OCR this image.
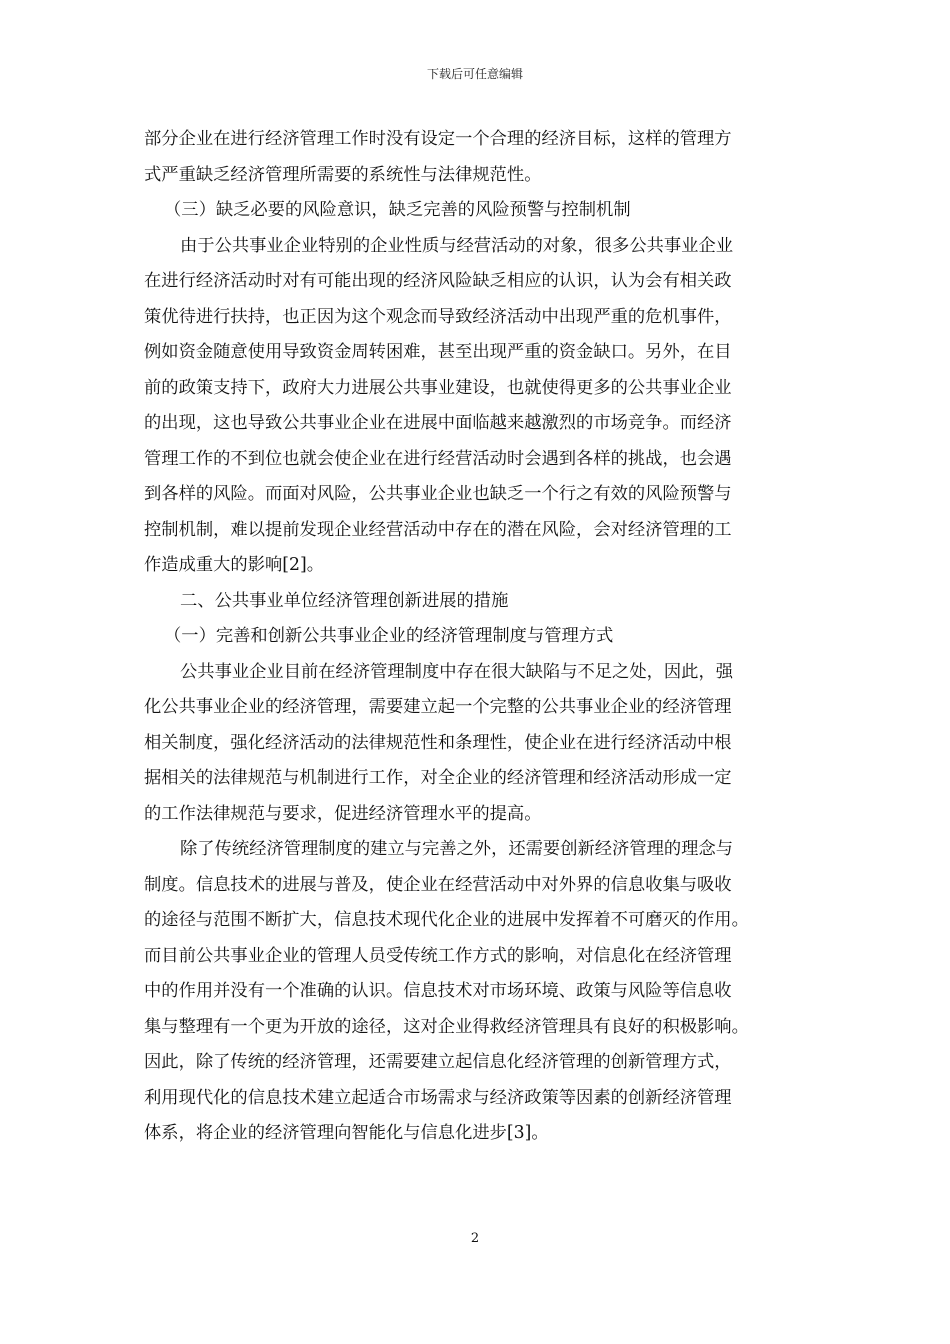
下载后可任意编辑
部分企业在进行经济管理工作时没有设定一个合理的经济目标，这样的管理方
式严重缺乏经济管理所需要的系统性与法律规范性。
（三）缺乏必要的风险意识，缺乏完善的风险预警与控制机制
由于公共事业企业特别的企业性质与经营活动的对象，很多公共事业企业
在进行经济活动时对有可能出现的经济风险缺乏相应的认识，认为会有相关政
策优待进行扶持，也正因为这个观念而导致经济活动中出现严重的危机事件，
例如资金随意使用导致资金周转困难，甚至出现严重的资金缺口。另外，在目
前的政策支持下，政府大力进展公共事业建设，也就使得更多的公共事业企业
的出现，这也导致公共事业企业在进展中面临越来越激烈的市场竞争。而经济
管理工作的不到位也就会使企业在进行经营活动时会遇到各样的挑战，也会遇
到各样的风险。而面对风险，公共事业企业也缺乏一个行之有效的风险预警与
控制机制，难以提前发现企业经营活动中存在的潜在风险，会对经济管理的工
作造成重大的影响[2]。
二、公共事业单位经济管理创新进展的措施
（一）完善和创新公共事业企业的经济管理制度与管理方式
公共事业企业目前在经济管理制度中存在很大缺陷与不足之处，因此，强
化公共事业企业的经济管理，需要建立起一个完整的公共事业企业的经济管理
相关制度，强化经济活动的法律规范性和条理性，使企业在进行经济活动中根
据相关的法律规范与机制进行工作，对全企业的经济管理和经济活动形成一定
的工作法律规范与要求，促进经济管理水平的提高。
除了传统经济管理制度的建立与完善之外，还需要创新经济管理的理念与
制度。信息技术的进展与普及，使企业在经营活动中对外界的信息收集与吸收
的途径与范围不断扩大，信息技术现代化企业的进展中发挥着不可磨灭的作用。
而目前公共事业企业的管理人员受传统工作方式的影响，对信息化在经济管理
中的作用并没有一个准确的认识。信息技术对市场环境、政策与风险等信息收
集与整理有一个更为开放的途径，这对企业得救经济管理具有良好的积极影响。
因此，除了传统的经济管理，还需要建立起信息化经济管理的创新管理方式，
利用现代化的信息技术建立起适合市场需求与经济政策等因素的创新经济管理
体系，将企业的经济管理向智能化与信息化进步[3]。
2
